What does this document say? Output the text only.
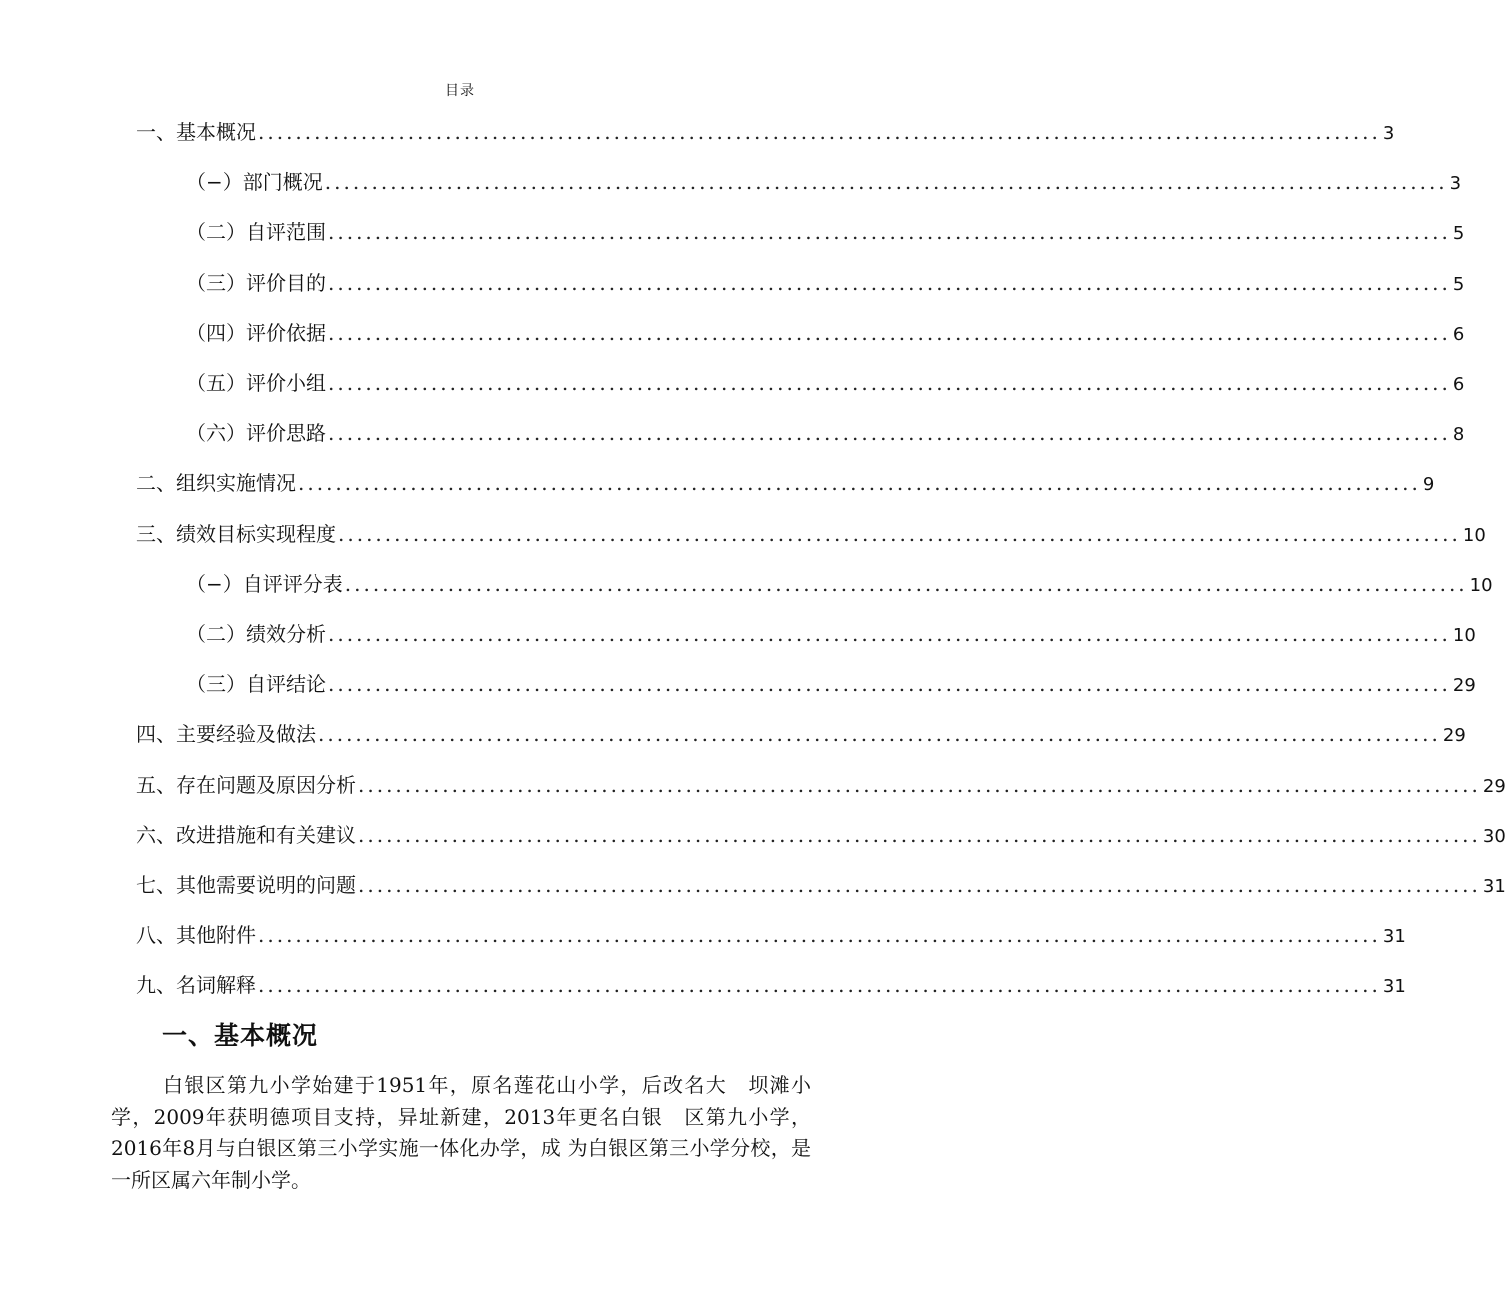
目录
一、基本概况 ........................................................................................................................ 3
（−）部门概况 ........................................................................................................................ 3
（二）自评范围 ........................................................................................................................ 5
（三）评价目的 ........................................................................................................................ 5
（四）评价依据 ........................................................................................................................ 6
（五）评价小组 ........................................................................................................................ 6
（六）评价思路 ........................................................................................................................ 8
二、组织实施情况 ........................................................................................................................ 9
三、绩效目标实现程度 ........................................................................................................................ 10
（−）自评评分表 ........................................................................................................................ 10
（二）绩效分析 ........................................................................................................................ 10
（三）自评结论 ........................................................................................................................ 29
四、主要经验及做法 ........................................................................................................................ 29
五、存在问题及原因分析 ........................................................................................................................ 29
六、改进措施和有关建议 ........................................................................................................................ 30
七、其他需要说明的问题 ........................................................................................................................ 31
八、其他附件 ........................................................................................................................ 31
九、名词解释 ........................................................................................................................ 31
一、基本概况
白银区第九小学始建于1951年，原名莲花山小学，后改名大　坝滩小学，2009年获明德项目支持，异址新建，2013年更名白银　区第九小学，2016年8月与白银区第三小学实施一体化办学，成 为白银区第三小学分校，是一所区属六年制小学。
